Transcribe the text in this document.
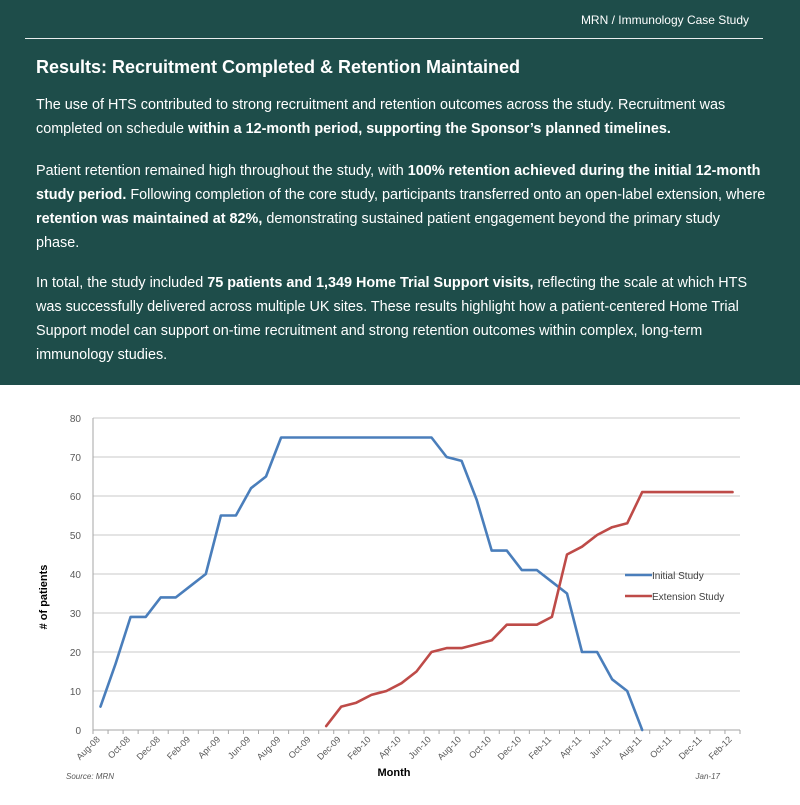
MRN / Immunology Case Study
Results: Recruitment Completed & Retention Maintained

The use of HTS contributed to strong recruitment and retention outcomes across the study. Recruitment was completed on schedule within a 12-month period, supporting the Sponsor’s planned timelines.

Patient retention remained high throughout the study, with 100% retention achieved during the initial 12-month study period. Following completion of the core study, participants transferred onto an open-label extension, where retention was maintained at 82%, demonstrating sustained patient engagement beyond the primary study phase.

In total, the study included 75 patients and 1,349 Home Trial Support visits, reflecting the scale at which HTS was successfully delivered across multiple UK sites. These results highlight how a patient-centered Home Trial Support model can support on-time recruitment and strong retention outcomes within complex, long-term immunology studies.

0
10
20
30
40
50
60
70
80
Aug-08 Oct-08 Dec-08 Feb-09 Apr-09 Jun-09 Aug-09 Oct-09 Dec-09 Feb-10 Apr-10 Jun-10 Aug-10 Oct-10 Dec-10 Feb-11 Apr-11 Jun-11 Aug-11 Oct-11 Dec-11 Feb-12
Initial Study
Extension Study
# of patients
Month
Source: MRN	Jan-17
